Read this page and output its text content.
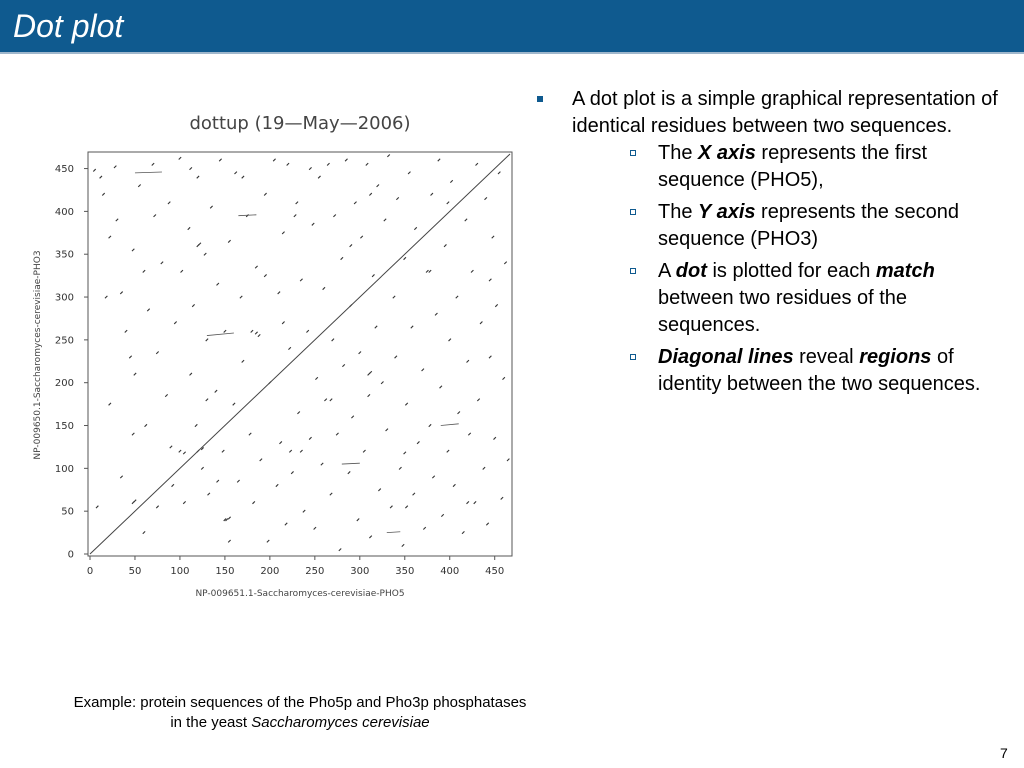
Dot plot
dottup (19—May—2006)
0	50	100	150	200	250	300	350	400	450
0
50
100
150
200
250
300
350
400
450
NP-009651.1-Saccharomyces-cerevisiae-PHO5
NP-009650.1-Saccharomyces-cerevisiae-PHO3
A dot plot is a simple graphical representation of identical residues between two sequences.
The X axis represents the first sequence (PHO5),
The Y axis represents the second sequence (PHO3)
A dot is plotted for each match between two residues of the sequences.
Diagonal lines reveal regions of identity between the two sequences.
Example: protein sequences of the Pho5p and Pho3p phosphatases
in the yeast Saccharomyces cerevisiae
7
